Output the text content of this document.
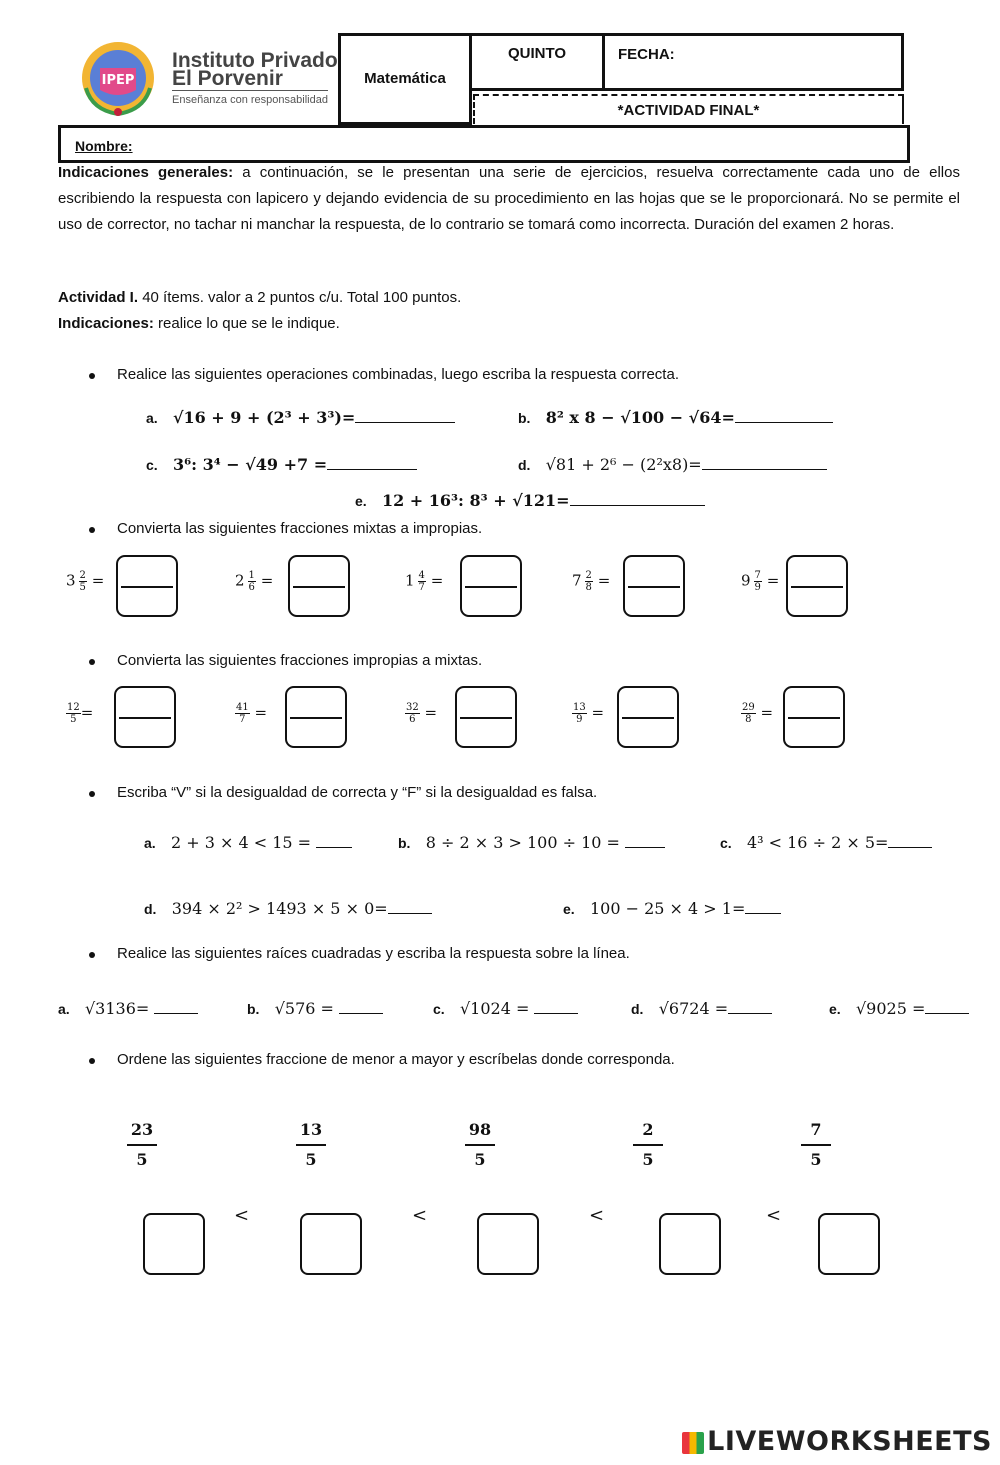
IPEP
Instituto Privado
El Porvenir
Enseñanza con responsabilidad
Matemática
QUINTO	FECHA:
*ACTIVIDAD FINAL*
Nombre:
Indicaciones generales: a continuación, se le presentan una serie de ejercicios, resuelva correctamente cada uno de ellos escribiendo la respuesta con lapicero y dejando evidencia de su procedimiento en las hojas que se le proporcionará. No se permite el uso de corrector, no tachar ni manchar la respuesta, de lo contrario se tomará como incorrecta. Duración del examen 2 horas.
Actividad I. 40 ítems. valor a 2 puntos c/u. Total 100 puntos.
Indicaciones: realice lo que se le indique.
Realice las siguientes operaciones combinadas, luego escriba la respuesta correcta.
a. √16 + 9 + (2³ + 3³)=	b. 8² x 8 − √100 − √64=
c. 3⁶: 3⁴ − √49 +7 =	d. √81 + 2⁶ − (2²x8)=
e. 12 + 16³: 8³ + √121=
Convierta las siguientes fracciones mixtas a impropias.
Convierta las siguientes fracciones impropias a mixtas.
Escriba “V” si la desigualdad de correcta y “F” si la desigualdad es falsa.
a. 2 + 3 × 4 < 15 =	b. 8 ÷ 2 × 3 > 100 ÷ 10 =	c. 4³ < 16 ÷ 2 × 5=
d. 394 × 2² > 1493 × 5 × 0=	e. 100 − 25 × 4 > 1=
Realice las siguientes raíces cuadradas y escriba la respuesta sobre la línea.
a. √3136=	b. √576 =	c. √1024 =	d. √6724 =	e. √9025 =
Ordene las siguientes fraccione de menor a mayor y escríbelas donde corresponda.
LIVEWORKSHEETS
$3 \frac{2}{5}$ =	$2 \frac{1}{6}$ =	$1 \frac{4}{7}$ =	$7 \frac{2}{8}$ =	$9 \frac{7}{9}$ =
$\frac{12}{5}$ =	$\frac{41}{7}$ =	$\frac{32}{6}$ =	$\frac{13}{9}$ =	$\frac{29}{8}$ =
$\frac{23}{5}$	$\frac{13}{5}$	$\frac{98}{5}$	$\frac{2}{5}$	$\frac{7}{5}$
<	<	<	<
